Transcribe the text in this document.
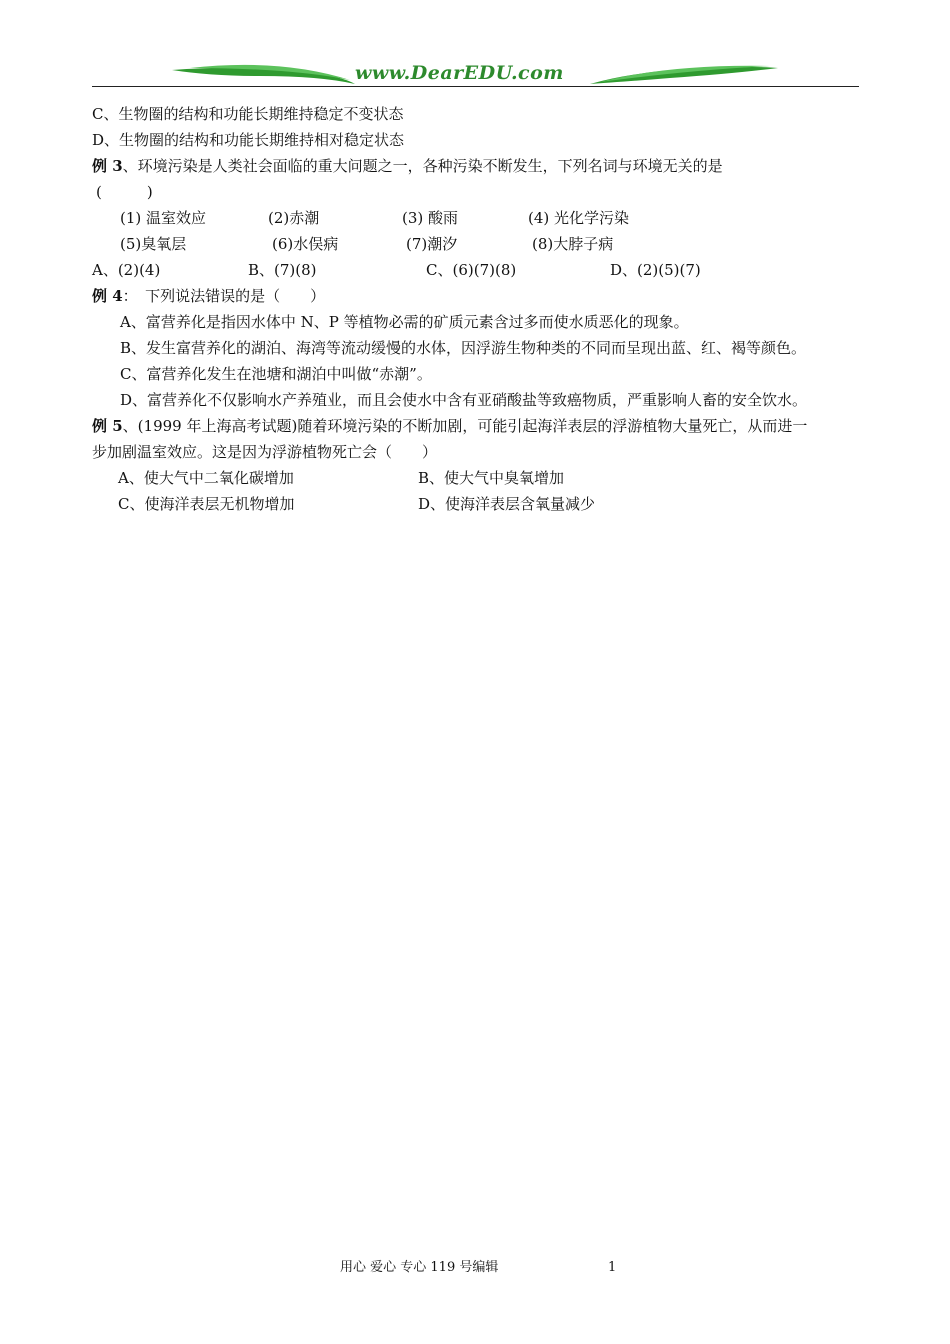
www.DearEDU.com
C、生物圈的结构和功能长期维持稳定不变状态
D、生物圈的结构和功能长期维持相对稳定状态
例 3、环境污染是人类社会面临的重大问题之一，各种污染不断发生，下列名词与环境无关的是
(　　　)
(1) 温室效应	(2)赤潮	(3) 酸雨	(4) 光化学污染
(5)臭氧层	(6)水俣病	(7)潮汐	(8)大脖子病
A、(2)(4)	B、(7)(8)	C、(6)(7)(8)	D、(2)(5)(7)
例 4：　下列说法错误的是（　　）
A、富营养化是指因水体中 N、P 等植物必需的矿质元素含过多而使水质恶化的现象。
B、发生富营养化的湖泊、海湾等流动缓慢的水体，因浮游生物种类的不同而呈现出蓝、红、褐等颜色。
C、富营养化发生在池塘和湖泊中叫做“赤潮”。
D、富营养化不仅影响水产养殖业，而且会使水中含有亚硝酸盐等致癌物质，严重影响人畜的安全饮水。
例 5、(1999 年上海高考试题)随着环境污染的不断加剧，可能引起海洋表层的浮游植物大量死亡，从而进一
步加剧温室效应。这是因为浮游植物死亡会（　　）
A、使大气中二氧化碳增加	B、使大气中臭氧增加
C、使海洋表层无机物增加	D、使海洋表层含氧量减少
用心 爱心 专心 119 号编辑	1
